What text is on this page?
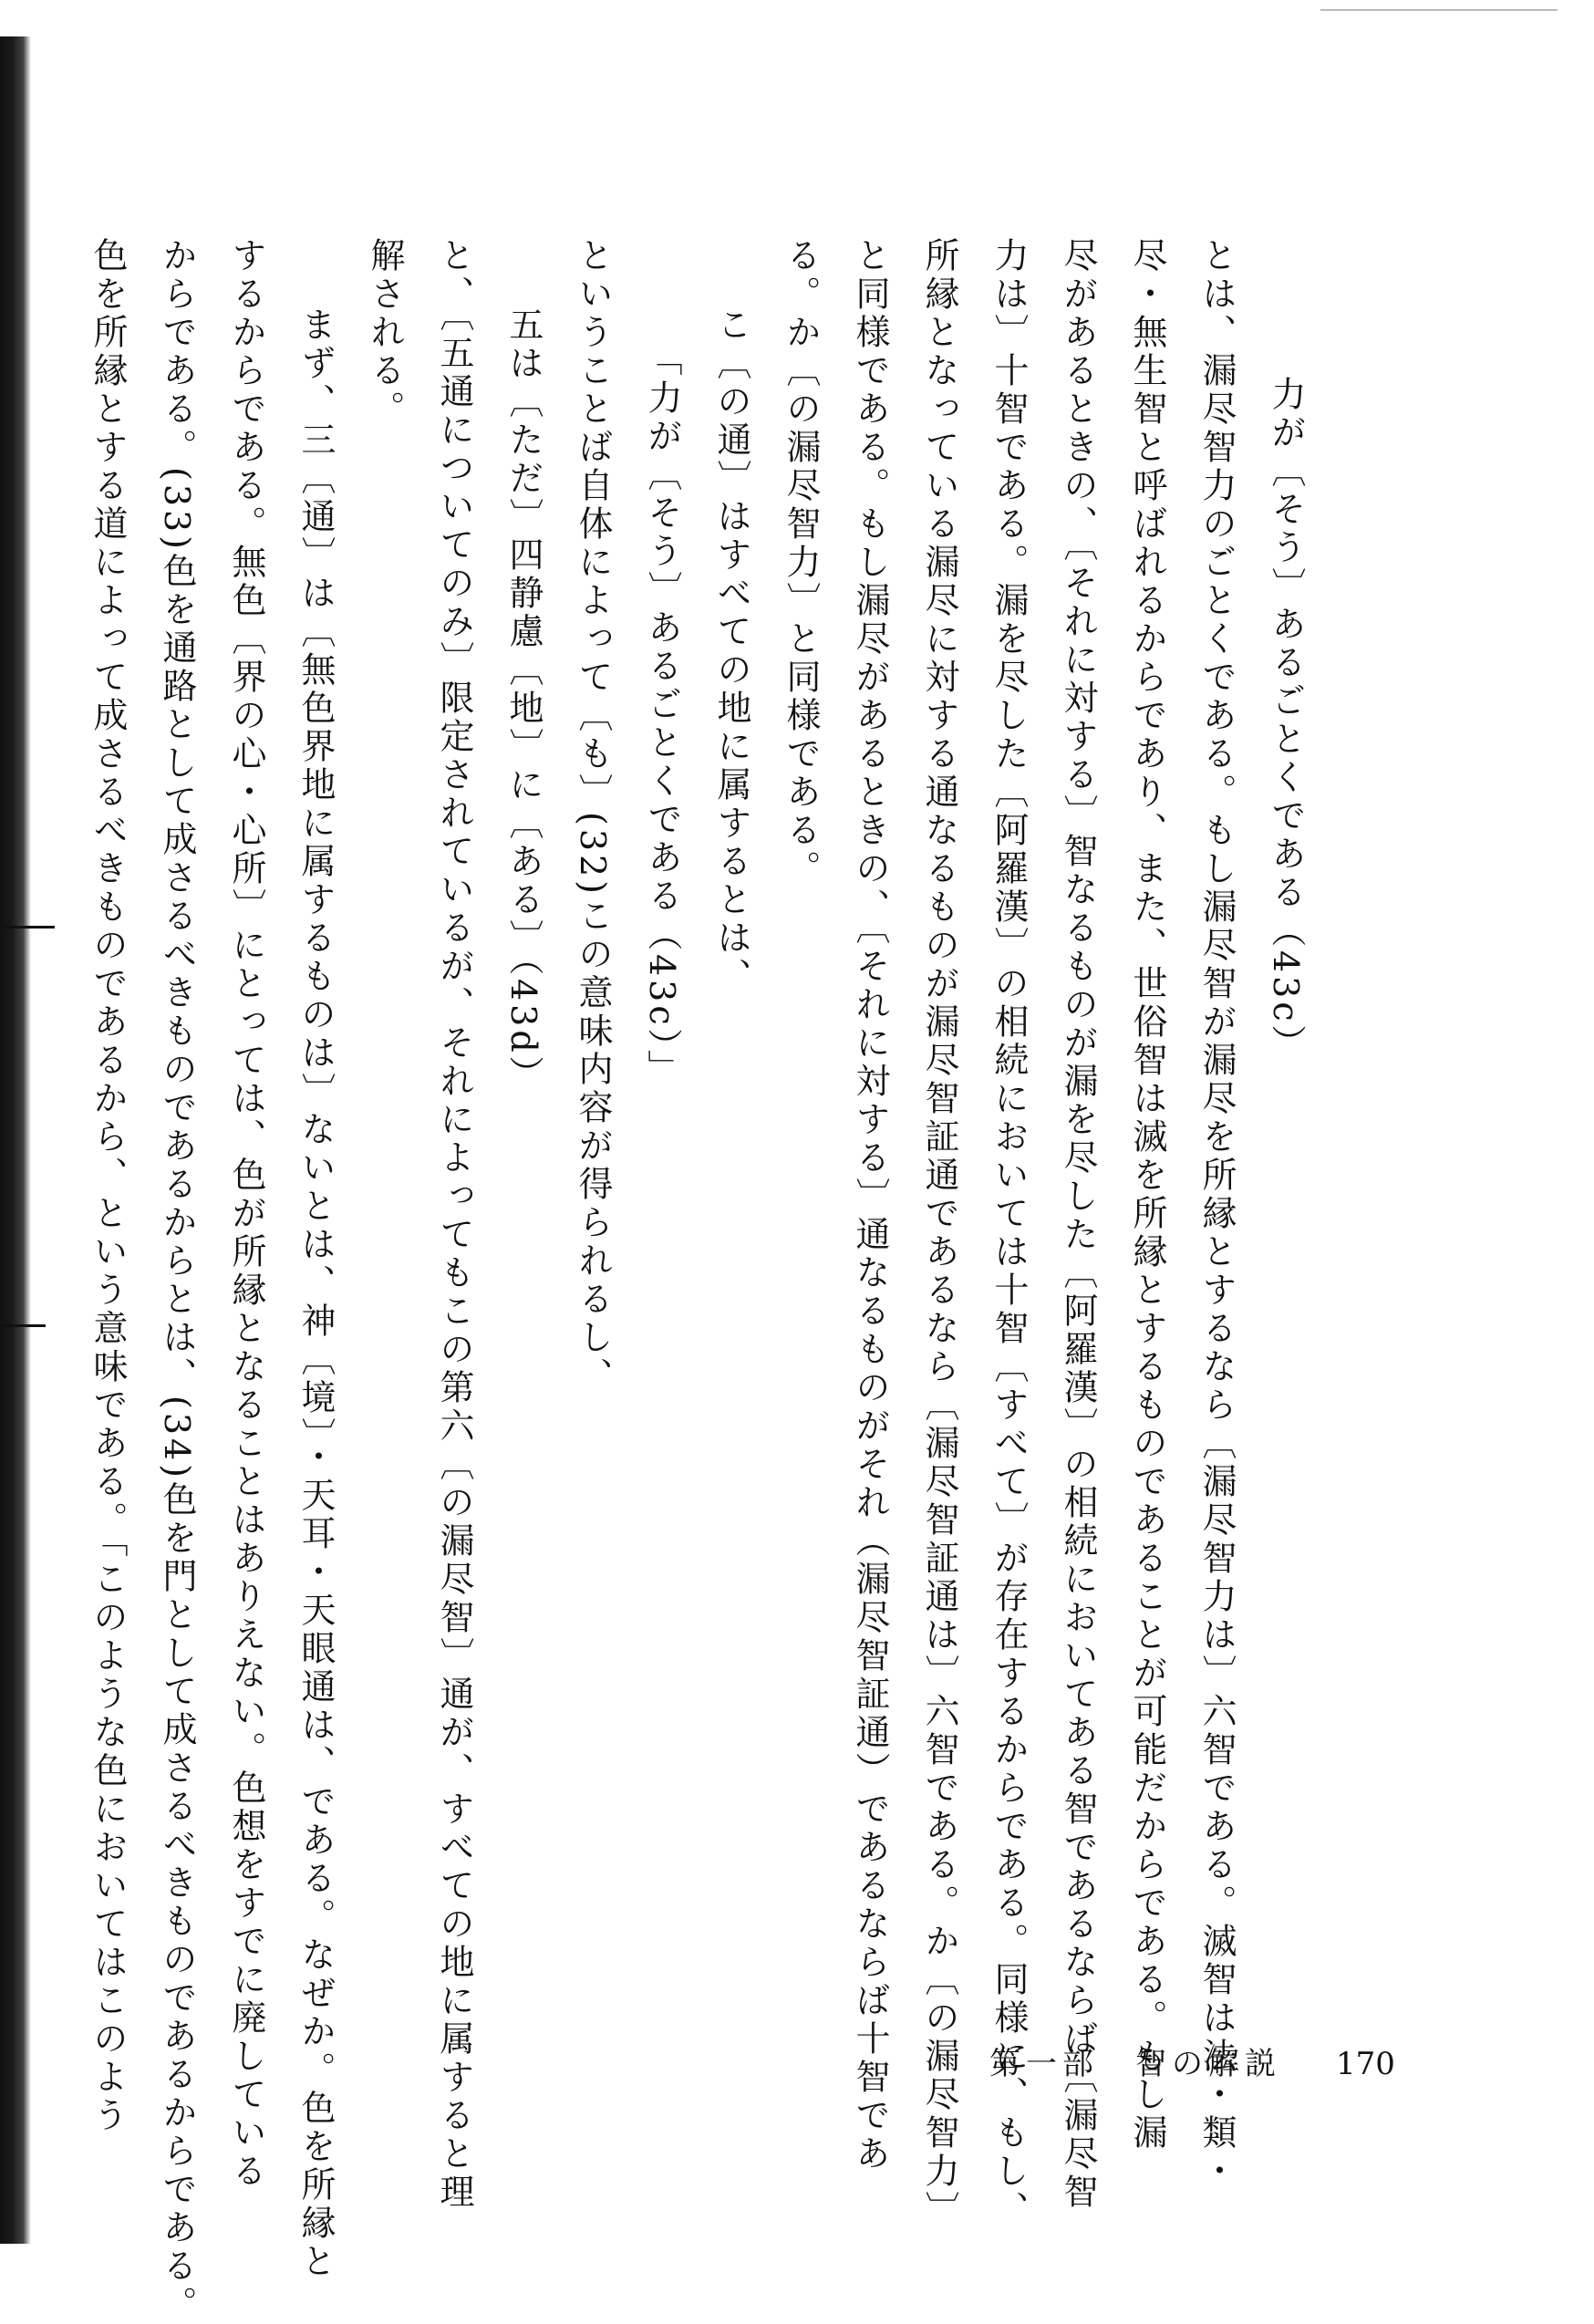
力が〔そう〕あるごとくである（43c）
とは、漏尽智力のごとくである。もし漏尽智が漏尽を所縁とするなら〔漏尽智力は〕六智である。滅智は法・類・
尽・無生智と呼ばれるからであり、また、世俗智は滅を所縁とするものであることが可能だからである。もし漏
尽があるときの、〔それに対する〕智なるものが漏を尽した〔阿羅漢〕の相続においてある智であるならば〔漏尽智
力は〕十智である。漏を尽した〔阿羅漢〕の相続においては十智〔すべて〕が存在するからである。同様に、もし、
所縁となっている漏尽に対する通なるものが漏尽智証通であるなら〔漏尽智証通は〕六智である。か〔の漏尽智力〕
と同様である。もし漏尽があるときの、〔それに対する〕通なるものがそれ（漏尽智証通）であるならば十智であ
る。か〔の漏尽智力〕と同様である。
こ〔の通〕はすべての地に属するとは、
「力が〔そう〕あるごとくである（43c）」
ということば自体によって〔も〕(32)この意味内容が得られるし、
五は〔ただ〕四静慮〔地〕に〔ある〕（43d）
と、〔五通についてのみ〕限定されているが、それによってもこの第六〔の漏尽智〕通が、すべての地に属すると理
解される。
まず、三〔通〕は〔無色界地に属するものは〕ないとは、神〔境〕・天耳・天眼通は、である。なぜか。色を所縁と
するからである。無色〔界の心・心所〕にとっては、色が所縁となることはありえない。色想をすでに廃している
からである。(33)色を通路として成さるべきものであるからとは、(34)色を門として成さるべきものであるからである。
色を所縁とする道によって成さるべきものであるから、という意味である。「このような色においてはこのよう	第一部　智の解説 170
